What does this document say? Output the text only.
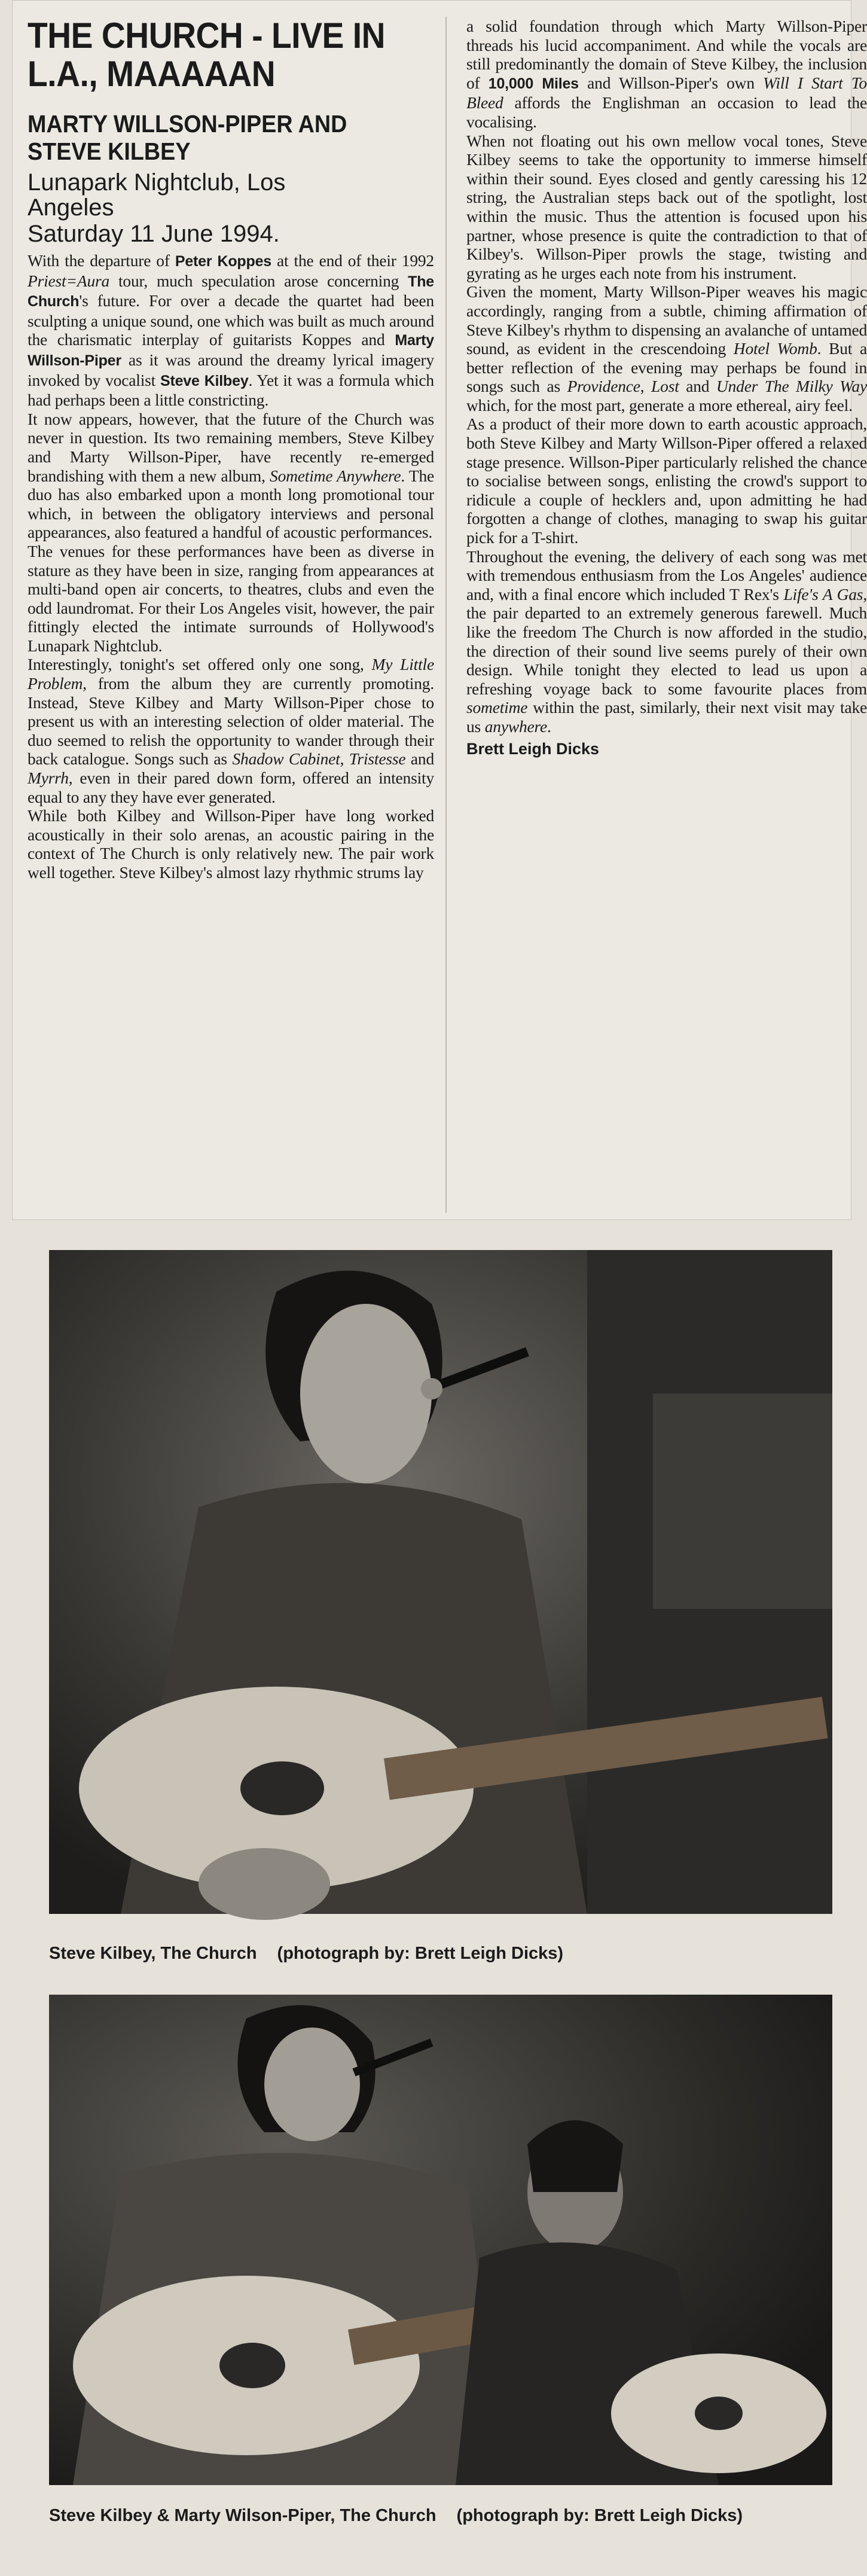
THE CHURCH - LIVE IN
L.A., MAAAAAN
MARTY WILLSON-PIPER AND
STEVE KILBEY

Lunapark Nightclub, Los
Angeles

Saturday 11 June 1994.

With the departure of Peter Koppes at the end of their 1992 Priest=Aura tour, much speculation arose concerning The Church's future. For over a decade the quartet had been sculpting a unique sound, one which was built as much around the charismatic interplay of guitarists Koppes and Marty Willson-Piper as it was around the dreamy lyrical imagery invoked by vocalist Steve Kilbey. Yet it was a formula which had perhaps been a little constricting.
It now appears, however, that the future of the Church was never in question. Its two remaining members, Steve Kilbey and Marty Willson-Piper, have recently re-emerged brandishing with them a new album, Sometime Anywhere. The duo has also embarked upon a month long promotional tour which, in between the obligatory interviews and personal appearances, also featured a handful of acoustic performances.
The venues for these performances have been as diverse in stature as they have been in size, ranging from appearances at multi-band open air concerts, to theatres, clubs and even the odd laundromat. For their Los Angeles visit, however, the pair fittingly elected the intimate surrounds of Hollywood's Lunapark Nightclub.
Interestingly, tonight's set offered only one song, My Little Problem, from the album they are currently promoting. Instead, Steve Kilbey and Marty Willson-Piper chose to present us with an interesting selection of older material. The duo seemed to relish the opportunity to wander through their back catalogue. Songs such as Shadow Cabinet, Tristesse and Myrrh, even in their pared down form, offered an intensity equal to any they have ever generated.
While both Kilbey and Willson-Piper have long worked acoustically in their solo arenas, an acoustic pairing in the context of The Church is only relatively new. The pair work well together. Steve Kilbey's almost lazy rhythmic strums lay

a solid foundation through which Marty Willson-Piper threads his lucid accompaniment. And while the vocals are still predominantly the domain of Steve Kilbey, the inclusion of 10,000 Miles and Willson-Piper's own Will I Start To Bleed affords the Englishman an occasion to lead the vocalising.
When not floating out his own mellow vocal tones, Steve Kilbey seems to take the opportunity to immerse himself within their sound. Eyes closed and gently caressing his 12 string, the Australian steps back out of the spotlight, lost within the music. Thus the attention is focused upon his partner, whose presence is quite the contradiction to that of Kilbey's. Willson-Piper prowls the stage, twisting and gyrating as he urges each note from his instrument.
Given the moment, Marty Willson-Piper weaves his magic accordingly, ranging from a subtle, chiming affirmation of Steve Kilbey's rhythm to dispensing an avalanche of untamed sound, as evident in the crescendoing Hotel Womb. But a better reflection of the evening may perhaps be found in songs such as Providence, Lost and Under The Milky Way which, for the most part, generate a more ethereal, airy feel.
As a product of their more down to earth acoustic approach, both Steve Kilbey and Marty Willson-Piper offered a relaxed stage presence. Willson-Piper particularly relished the chance to socialise between songs, enlisting the crowd's support to ridicule a couple of hecklers and, upon admitting he had forgotten a change of clothes, managing to swap his guitar pick for a T-shirt.
Throughout the evening, the delivery of each song was met with tremendous enthusiasm from the Los Angeles' audience and, with a final encore which included T Rex's Life's A Gas, the pair departed to an extremely generous farewell. Much like the freedom The Church is now afforded in the studio, the direction of their sound live seems purely of their own design. While tonight they elected to lead us upon a refreshing voyage back to some favourite places from sometime within the past, similarly, their next visit may take us anywhere.

Brett Leigh Dicks
Steve Kilbey, The Church (photograph by: Brett Leigh Dicks)
Steve Kilbey & Marty Wilson-Piper, The Church (photograph by: Brett Leigh Dicks)
